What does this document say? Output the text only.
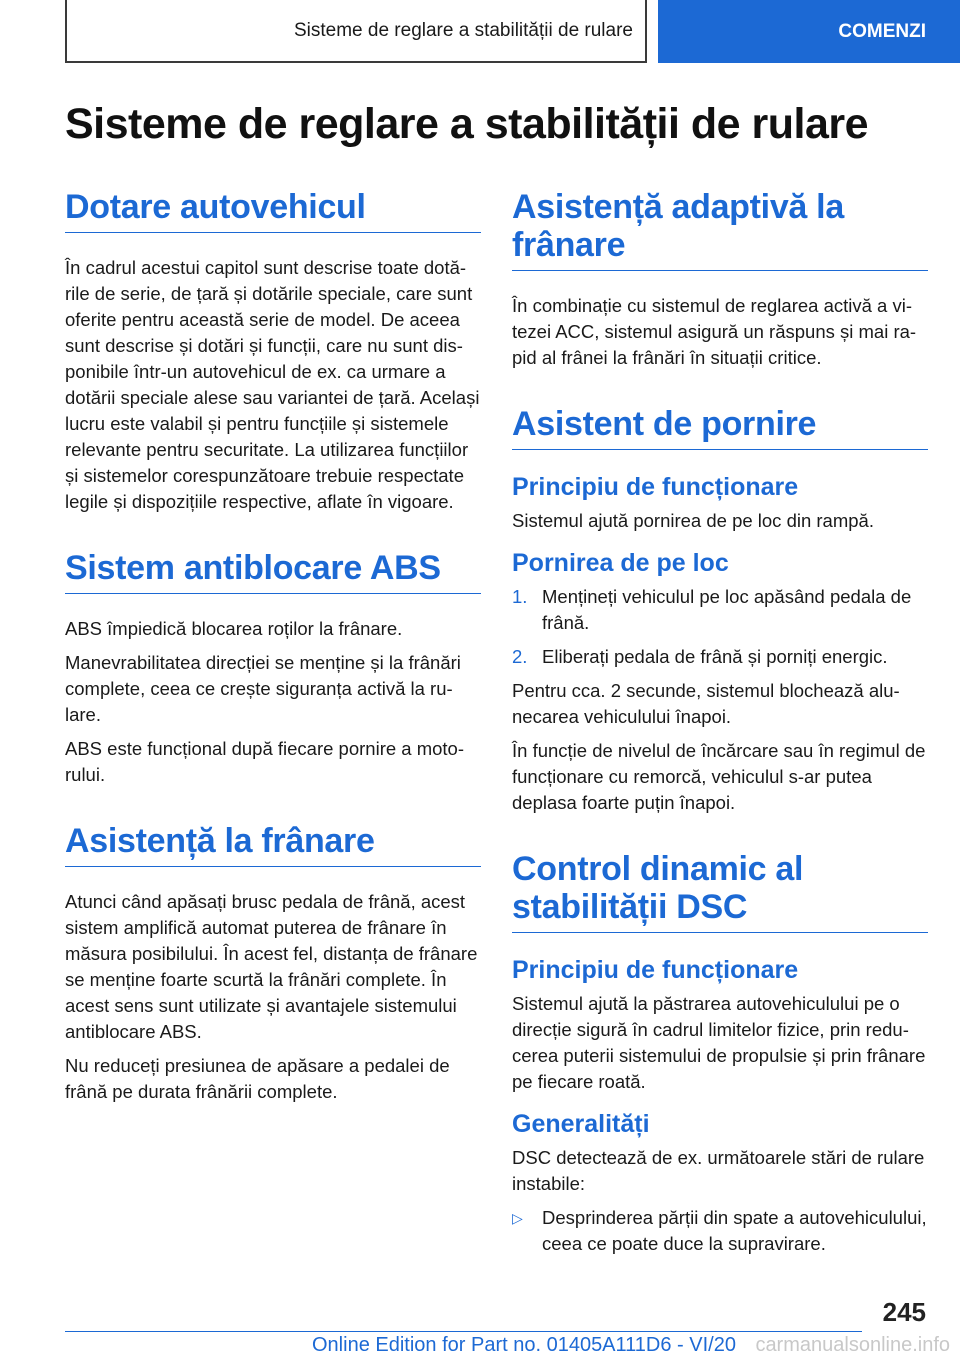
Sisteme de reglare a stabilității de rulare	COMENZI
Sisteme de reglare a stabilității de rulare
Dotare autovehicul

În cadrul acestui capitol sunt descrise toate dotările de serie, de țară și dotările speciale, care sunt oferite pentru această serie de model. De aceea sunt descrise și dotări și funcții, care nu sunt disponibile într-un autovehicul de ex. ca urmare a dotării speciale alese sau variantei de țară. Același lucru este valabil și pentru funcțiile și sistemele relevante pentru securitate. La utilizarea funcțiilor și sistemelor corespunzătoare trebuie respectate legile și dispozițiile respective, aflate în vigoare.

Sistem antiblocare ABS

ABS împiedică blocarea roților la frânare.

Manevrabilitatea direcției se menține și la frânări complete, ceea ce crește siguranța activă la rulare.

ABS este funcțional după fiecare pornire a motorului.

Asistență la frânare

Atunci când apăsați brusc pedala de frână, acest sistem amplifică automat puterea de frânare în măsura posibilului. În acest fel, distanța de frânare se menține foarte scurtă la frânări complete. În acest sens sunt utilizate și avantajele sistemului antiblocare ABS.

Nu reduceți presiunea de apăsare a pedalei de frână pe durata frânării complete.

Asistență adaptivă la frânare

În combinație cu sistemul de reglarea activă a vitezei ACC, sistemul asigură un răspuns și mai rapid al frânei la frânări în situații critice.

Asistent de pornire
Principiu de funcționare

Sistemul ajută pornirea de pe loc din rampă.

Pornirea de pe loc
1. Mențineți vehiculul pe loc apăsând pedala de frână.
2. Eliberați pedala de frână și porniți energic.

Pentru cca. 2 secunde, sistemul blochează alunecarea vehiculului înapoi.

În funcție de nivelul de încărcare sau în regimul de funcționare cu remorcă, vehiculul s-ar putea deplasa foarte puțin înapoi.

Control dinamic al stabilității DSC
Principiu de funcționare

Sistemul ajută la păstrarea autovehiculului pe o direcție sigură în cadrul limitelor fizice, prin reducerea puterii sistemului de propulsie și prin frânare pe fiecare roată.

Generalități

DSC detectează de ex. următoarele stări de rulare instabile:

▷ Desprinderea părții din spate a autovehiculului, ceea ce poate duce la supravirare.
245
Online Edition for Part no. 01405A111D6 - VI/20 carmanualsonline.info
